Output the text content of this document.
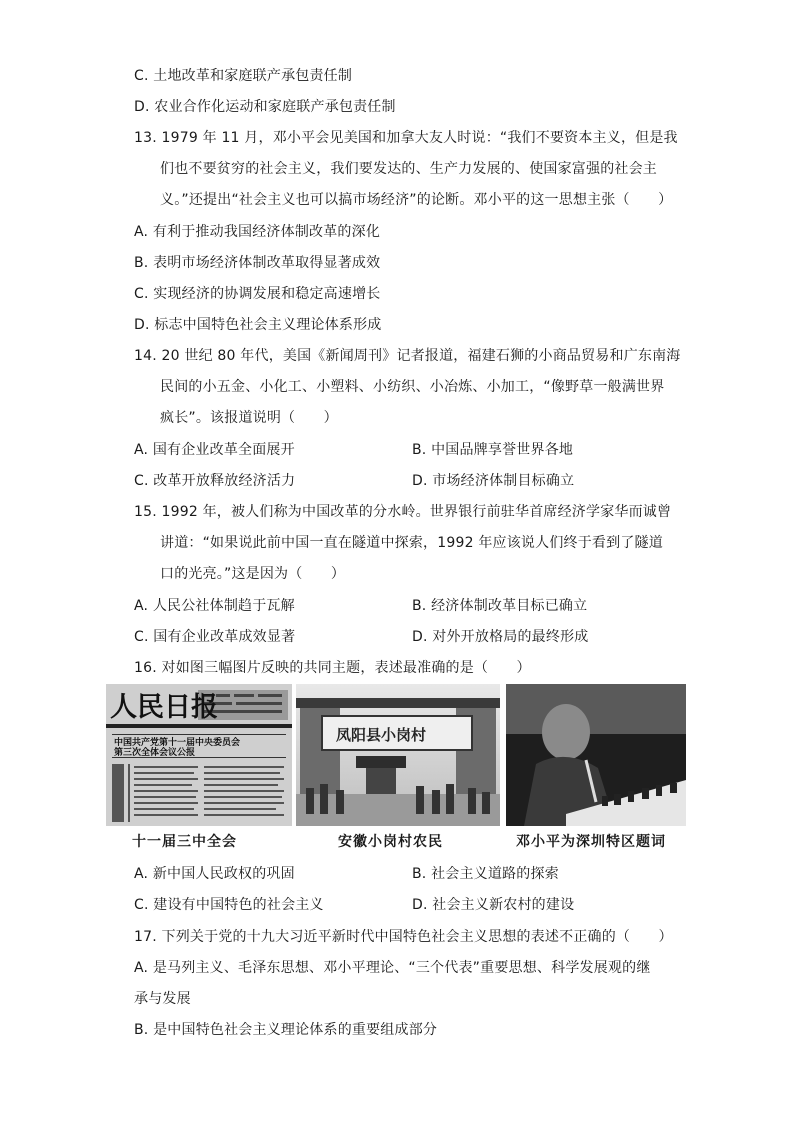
C. 土地改革和家庭联产承包责任制
D. 农业合作化运动和家庭联产承包责任制
13. 1979 年 11 月，邓小平会见美国和加拿大友人时说：“我们不要资本主义，但是我
们也不要贫穷的社会主义，我们要发达的、生产力发展的、使国家富强的社会主
义。”还提出“社会主义也可以搞市场经济”的论断。邓小平的这一思想主张（　　）
A. 有利于推动我国经济体制改革的深化
B. 表明市场经济体制改革取得显著成效
C. 实现经济的协调发展和稳定高速增长
D. 标志中国特色社会主义理论体系形成
14. 20 世纪 80 年代，美国《新闻周刊》记者报道，福建石狮的小商品贸易和广东南海
民间的小五金、小化工、小塑料、小纺织、小冶炼、小加工，“像野草一般满世界
疯长”。该报道说明（　　）
A. 国有企业改革全面展开	B. 中国品牌享誉世界各地
C. 改革开放释放经济活力	D. 市场经济体制目标确立
15. 1992 年，被人们称为中国改革的分水岭。世界银行前驻华首席经济学家华而诚曾
讲道：“如果说此前中国一直在隧道中探索，1992 年应该说人们终于看到了隧道
口的光亮。”这是因为（　　）
A. 人民公社体制趋于瓦解	B. 经济体制改革目标已确立
C. 国有企业改革成效显著	D. 对外开放格局的最终形成
16. 对如图三幅图片反映的共同主题，表述最准确的是（　　）
人民日报
中国共产党第十一届中央委员会
第三次全体会议公报
凤阳县小岗村
十一届三中全会	安徽小岗村农民	邓小平为深圳特区题词
A. 新中国人民政权的巩固	B. 社会主义道路的探索
C. 建设有中国特色的社会主义	D. 社会主义新农村的建设
17. 下列关于党的十九大习近平新时代中国特色社会主义思想的表述不正确的（　　）
A. 是马列主义、毛泽东思想、邓小平理论、“三个代表”重要思想、科学发展观的继
承与发展
B. 是中国特色社会主义理论体系的重要组成部分
